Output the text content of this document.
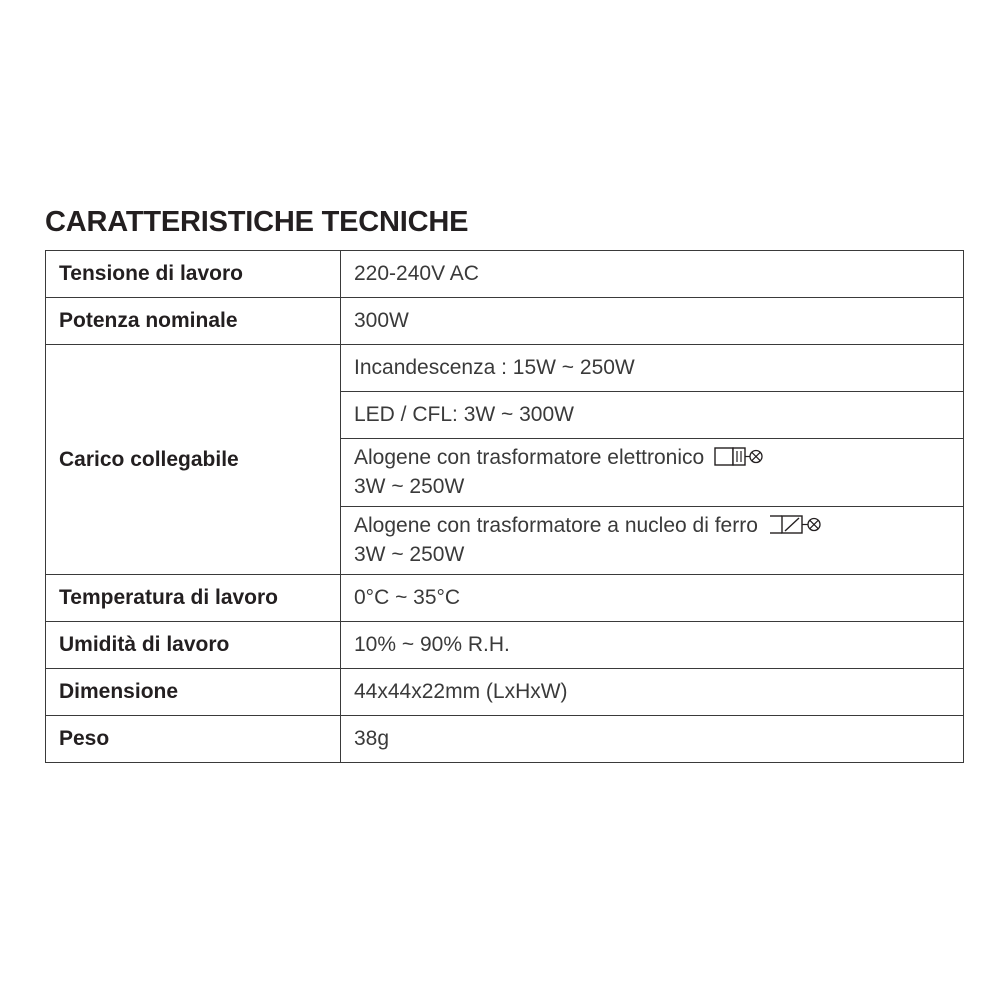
CARATTERISTICHE TECNICHE
Tensione di lavoro	220-240V AC
Potenza nominale	300W
Carico collegabile	Incandescenza : 15W ~ 250W
	LED / CFL: 3W ~ 300W
	Alogene con trasformatore elettronico
3W ~ 250W
	Alogene con trasformatore a nucleo di ferro
3W ~ 250W
Temperatura di lavoro	0°C ~ 35°C
Umidità di lavoro	10% ~ 90% R.H.
Dimensione	44x44x22mm (LxHxW)
Peso	38g
